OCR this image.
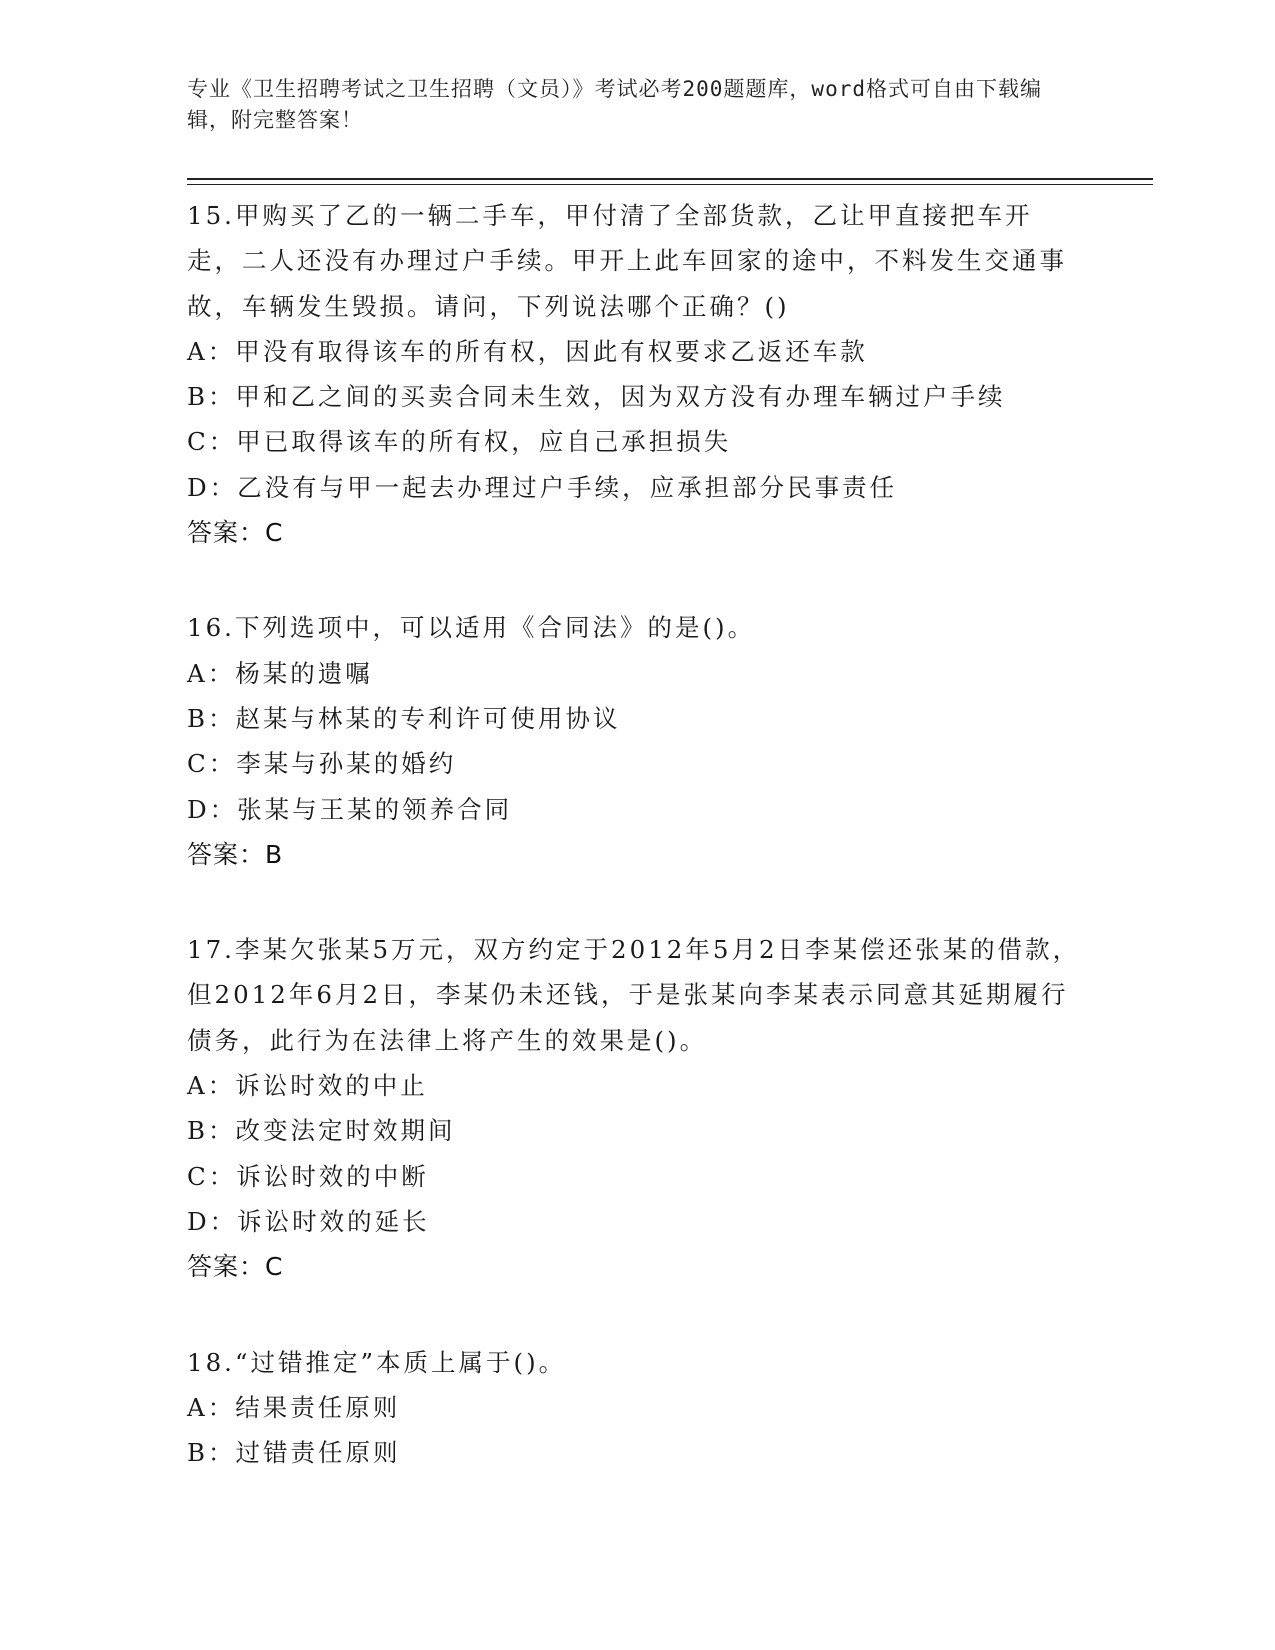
专业《卫生招聘考试之卫生招聘（文员）》考试必考200题题库，word格式可自由下载编辑，附完整答案！

15.甲购买了乙的一辆二手车，甲付清了全部货款，乙让甲直接把车开走，二人还没有办理过户手续。甲开上此车回家的途中，不料发生交通事故，车辆发生毁损。请问，下列说法哪个正确？()

A：甲没有取得该车的所有权，因此有权要求乙返还车款

B：甲和乙之间的买卖合同未生效，因为双方没有办理车辆过户手续

C：甲已取得该车的所有权，应自己承担损失

D：乙没有与甲一起去办理过户手续，应承担部分民事责任

答案：C

16.下列选项中，可以适用《合同法》的是()。

A：杨某的遗嘱

B：赵某与林某的专利许可使用协议

C：李某与孙某的婚约

D：张某与王某的领养合同

答案：B

17.李某欠张某5万元，双方约定于2012年5月2日李某偿还张某的借款，但2012年6月2日，李某仍未还钱，于是张某向李某表示同意其延期履行债务，此行为在法律上将产生的效果是()。

A：诉讼时效的中止

B：改变法定时效期间

C：诉讼时效的中断

D：诉讼时效的延长

答案：C

18.“过错推定”本质上属于()。

A：结果责任原则

B：过错责任原则
